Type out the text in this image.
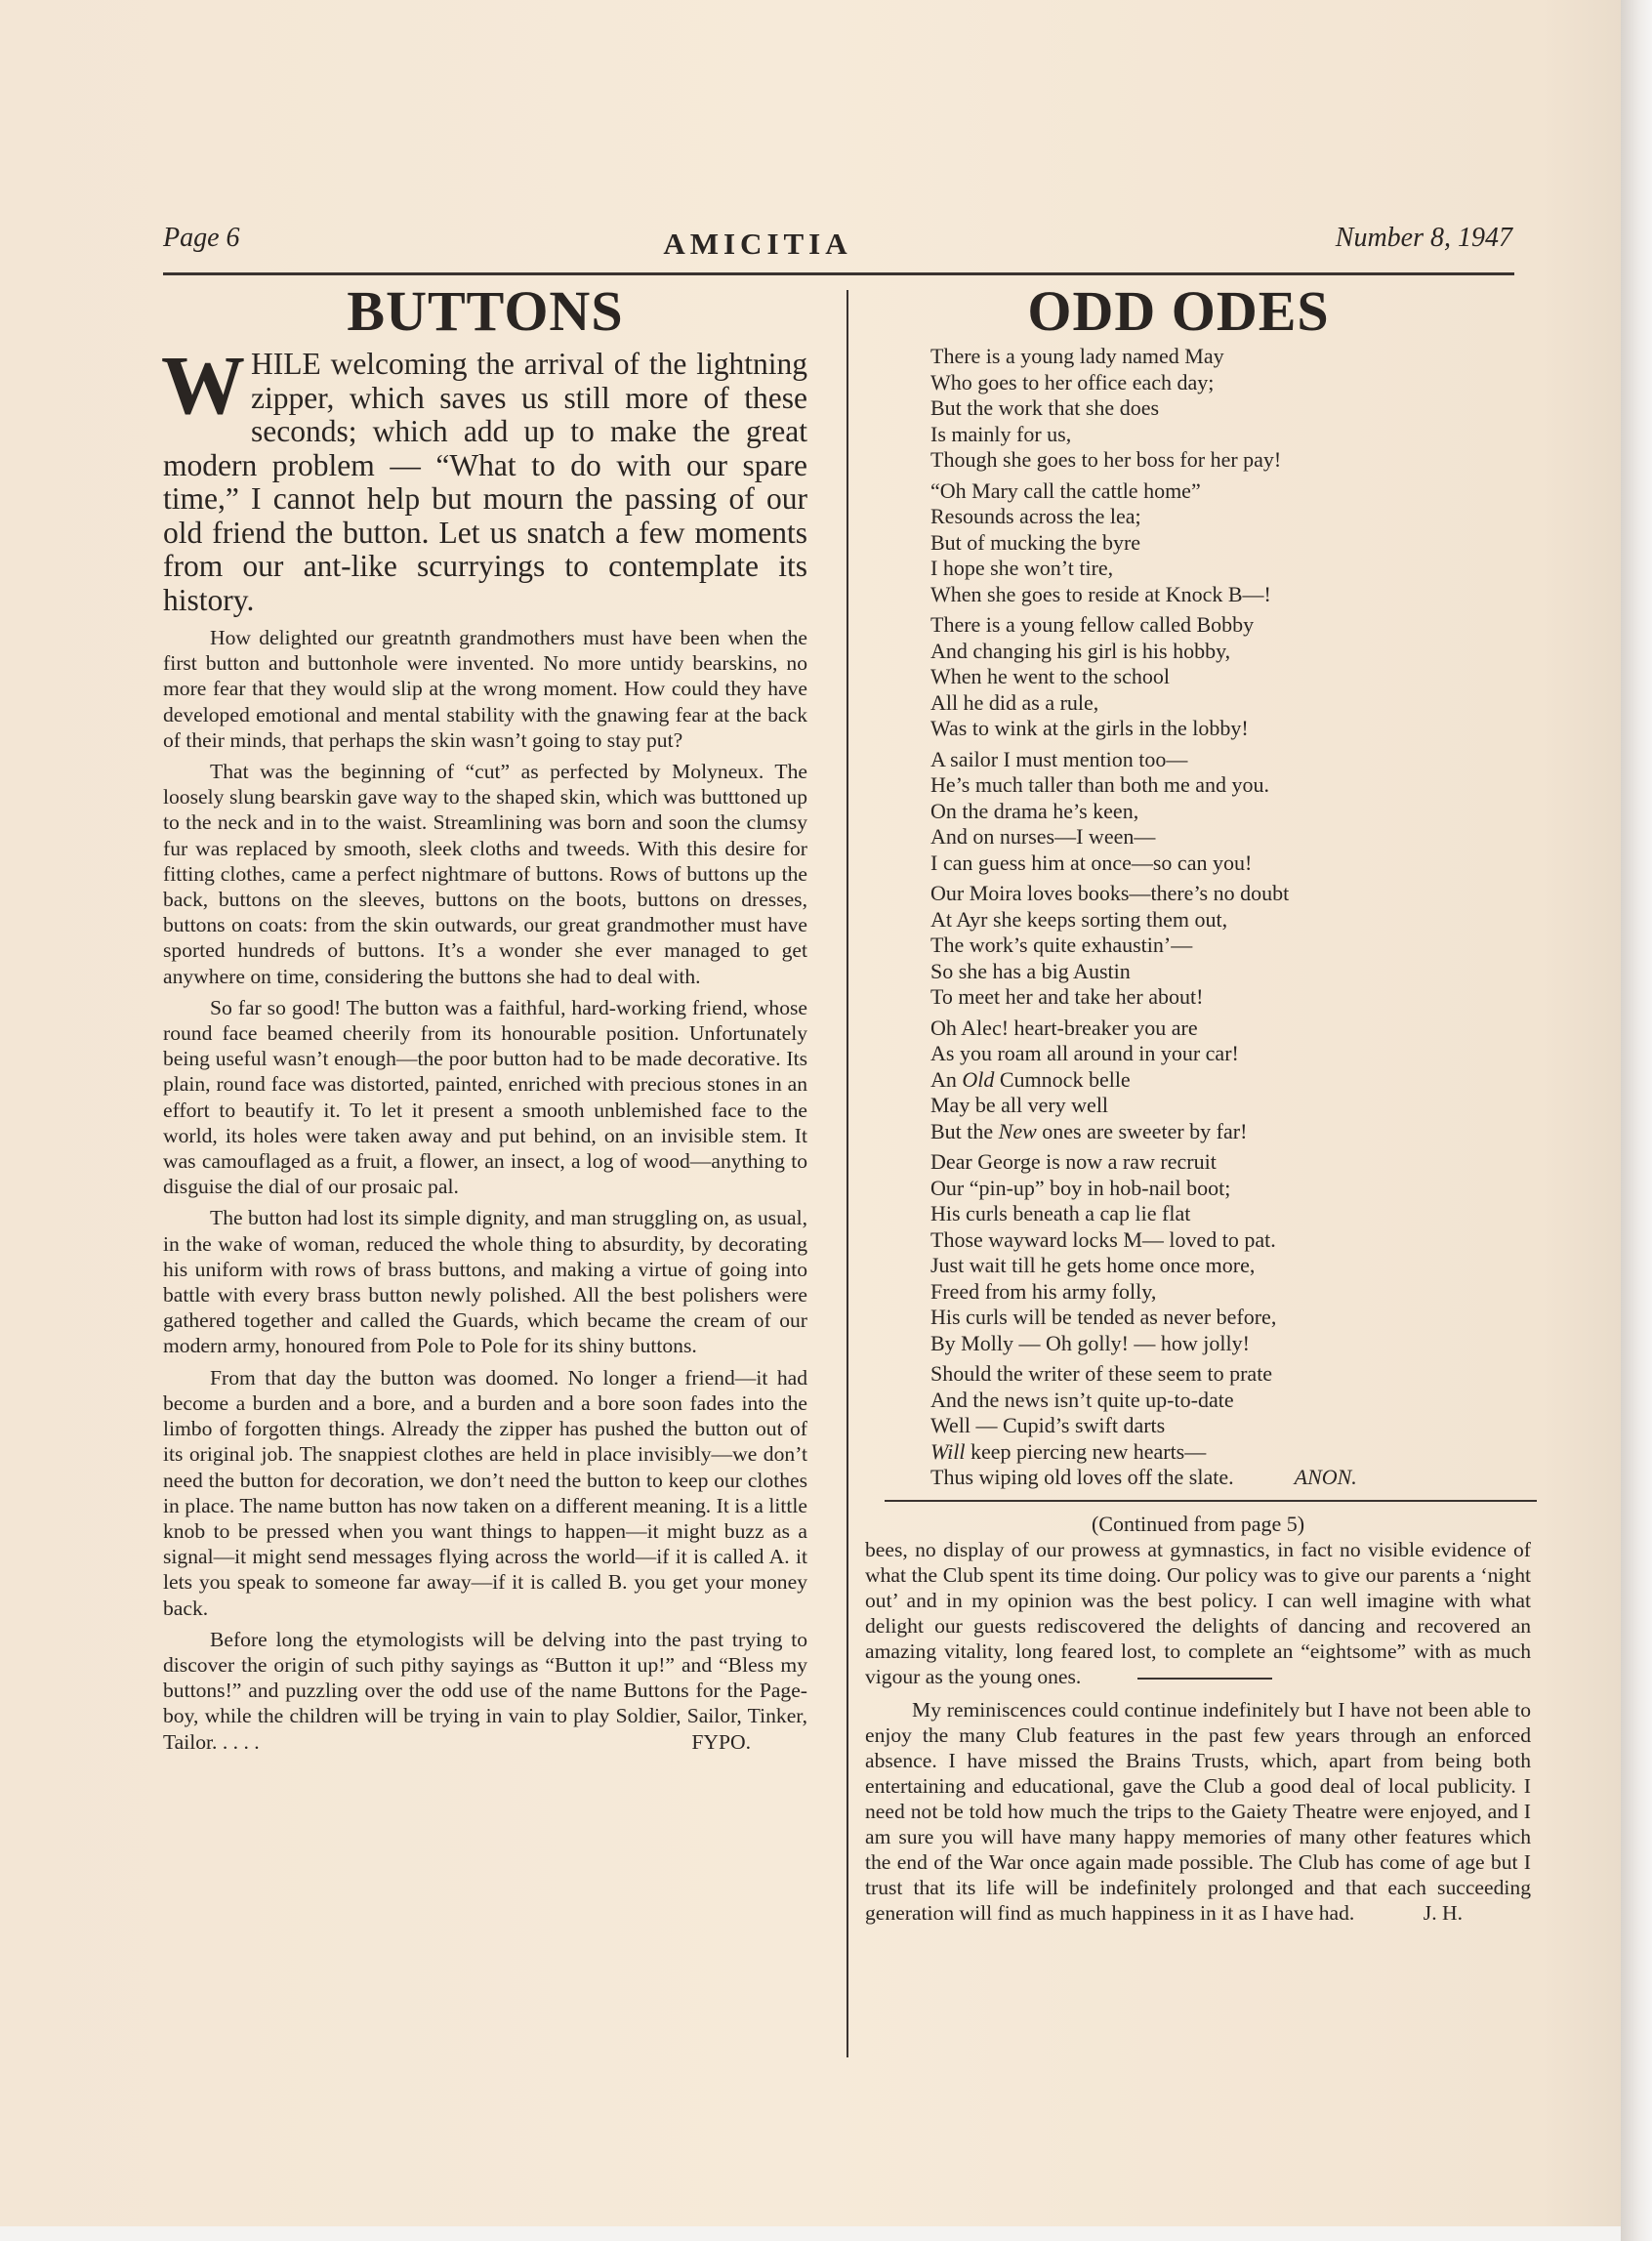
Page 6	AMICITIA	Number 8, 1947
BUTTONS
WHILE welcoming the arrival of the lightning zipper, which saves us still more of these seconds; which add up to make the great modern problem — “What to do with our spare time,” I cannot help but mourn the passing of our old friend the button. Let us snatch a few moments from our ant-like scurryings to contemplate its history.

How delighted our greatnth grandmothers must have been when the first button and buttonhole were invented. No more untidy bearskins, no more fear that they would slip at the wrong moment. How could they have developed emotional and mental stability with the gnawing fear at the back of their minds, that perhaps the skin wasn’t going to stay put?

That was the beginning of “cut” as perfected by Molyneux. The loosely slung bearskin gave way to the shaped skin, which was butttoned up to the neck and in to the waist. Streamlining was born and soon the clumsy fur was replaced by smooth, sleek cloths and tweeds. With this desire for fitting clothes, came a perfect nightmare of buttons. Rows of buttons up the back, buttons on the sleeves, buttons on the boots, buttons on dresses, buttons on coats: from the skin outwards, our great grandmother must have sported hundreds of buttons. It’s a wonder she ever managed to get anywhere on time, considering the buttons she had to deal with.

So far so good! The button was a faithful, hard-working friend, whose round face beamed cheerily from its honourable position. Unfortunately being useful wasn’t enough—the poor button had to be made decorative. Its plain, round face was distorted, painted, enriched with precious stones in an effort to beautify it. To let it present a smooth unblemished face to the world, its holes were taken away and put behind, on an invisible stem. It was camouflaged as a fruit, a flower, an insect, a log of wood—anything to disguise the dial of our prosaic pal.

The button had lost its simple dignity, and man struggling on, as usual, in the wake of woman, reduced the whole thing to absurdity, by decorating his uniform with rows of brass buttons, and making a virtue of going into battle with every brass button newly polished. All the best polishers were gathered together and called the Guards, which became the cream of our modern army, honoured from Pole to Pole for its shiny buttons.

From that day the button was doomed. No longer a friend—it had become a burden and a bore, and a burden and a bore soon fades into the limbo of forgotten things. Already the zipper has pushed the button out of its original job. The snappiest clothes are held in place invisibly—we don’t need the button for decoration, we don’t need the button to keep our clothes in place. The name button has now taken on a different meaning. It is a little knob to be pressed when you want things to happen—it might buzz as a signal—it might send messages flying across the world—if it is called A. it lets you speak to someone far away—if it is called B. you get your money back.

Before long the etymologists will be delving into the past trying to discover the origin of such pithy sayings as “Button it up!” and “Bless my buttons!” and puzzling over the odd use of the name Buttons for the Page-boy, while the children will be trying in vain to play Soldier, Sailor, Tinker, Tailor. . . . .	FYPO.

ODD ODES
There is a young lady named May
Who goes to her office each day;
But the work that she does
Is mainly for us,
Though she goes to her boss for her pay!
“Oh Mary call the cattle home”
Resounds across the lea;
But of mucking the byre
I hope she won’t tire,
When she goes to reside at Knock B—!
There is a young fellow called Bobby
And changing his girl is his hobby,
When he went to the school
All he did as a rule,
Was to wink at the girls in the lobby!
A sailor I must mention too—
He’s much taller than both me and you.
On the drama he’s keen,
And on nurses—I ween—
I can guess him at once—so can you!
Our Moira loves books—there’s no doubt
At Ayr she keeps sorting them out,
The work’s quite exhaustin’—
So she has a big Austin
To meet her and take her about!
Oh Alec! heart-breaker you are
As you roam all around in your car!
An Old Cumnock belle
May be all very well
But the New ones are sweeter by far!
Dear George is now a raw recruit
Our “pin-up” boy in hob-nail boot;
His curls beneath a cap lie flat
Those wayward locks M— loved to pat.
Just wait till he gets home once more,
Freed from his army folly,
His curls will be tended as never before,
By Molly — Oh golly! — how jolly!
Should the writer of these seem to prate
And the news isn’t quite up-to-date
Well — Cupid’s swift darts
Will keep piercing new hearts—
Thus wiping old loves off the slate.	ANON.
(Continued from page 5)

bees, no display of our prowess at gymnastics, in fact no visible evidence of what the Club spent its time doing. Our policy was to give our parents a ‘night out’ and in my opinion was the best policy. I can well imagine with what delight our guests rediscovered the delights of dancing and recovered an amazing vitality, long feared lost, to complete an “eightsome” with as much vigour as the young ones.

My reminiscences could continue indefinitely but I have not been able to enjoy the many Club features in the past few years through an enforced absence. I have missed the Brains Trusts, which, apart from being both entertaining and educational, gave the Club a good deal of local publicity. I need not be told how much the trips to the Gaiety Theatre were enjoyed, and I am sure you will have many happy memories of many other features which the end of the War once again made possible. The Club has come of age but I trust that its life will be indefinitely prolonged and that each succeeding generation will find as much happiness in it as I have had.	J. H.
